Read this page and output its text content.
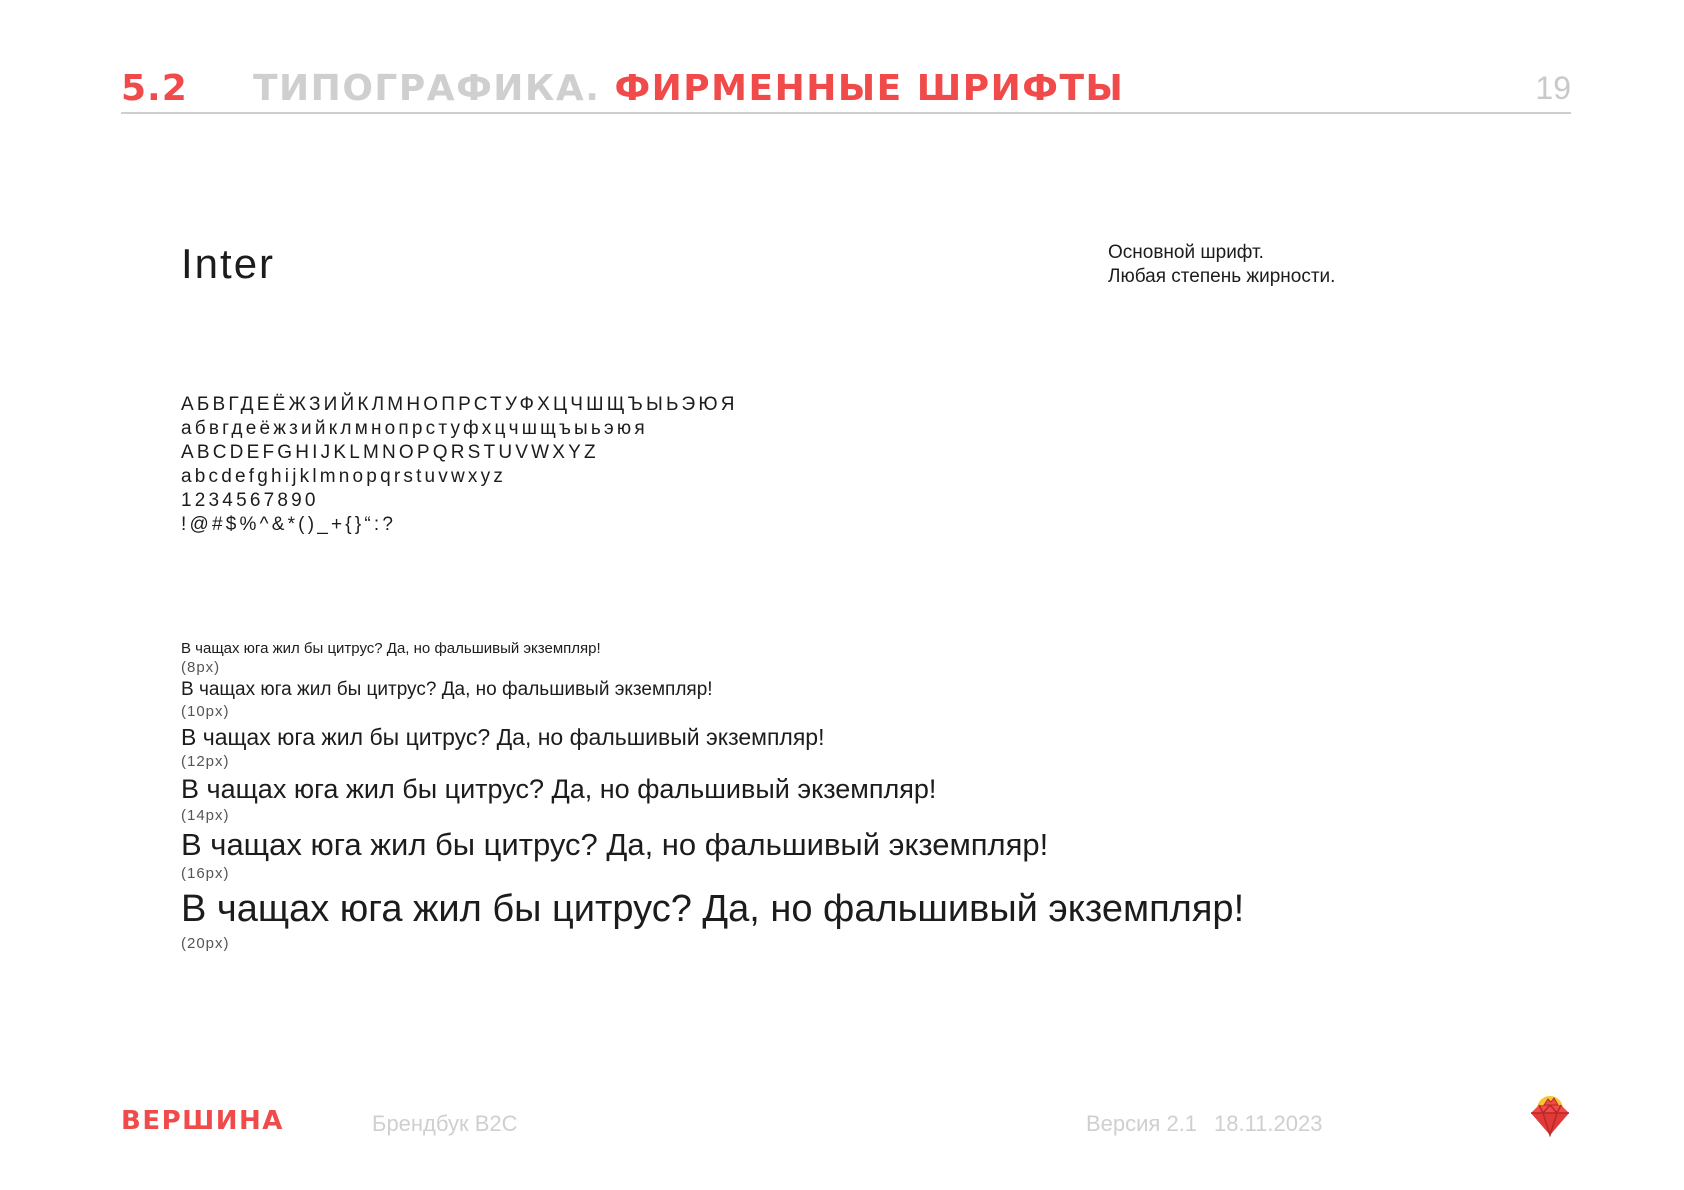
5.2 ТИПОГРАФИКА. ФИРМЕННЫЕ ШРИФТЫ	19
Inter	Основной шрифт.
Любая степень жирности.
АБВГДЕЁЖЗИЙКЛМНОПРСТУФХЦЧШЩЪЫЬЭЮЯ
абвгдеёжзийклмнопрстуфхцчшщъыьэюя
ABCDEFGHIJKLMNOPQRSTUVWXYZ
abcdefghijklmnopqrstuvwxyz
1234567890
!@#$%^&*()_+{}“:?
В чащах юга жил бы цитрус? Да, но фальшивый экземпляр!
(8px)
В чащах юга жил бы цитрус? Да, но фальшивый экземпляр!
(10px)
В чащах юга жил бы цитрус? Да, но фальшивый экземпляр!
(12px)
В чащах юга жил бы цитрус? Да, но фальшивый экземпляр!
(14px)
В чащах юга жил бы цитрус? Да, но фальшивый экземпляр!
(16px)
В чащах юга жил бы цитрус? Да, но фальшивый экземпляр!
(20px)
ВЕРШИНА	Брендбук B2C	Версия 2.1 18.11.2023
